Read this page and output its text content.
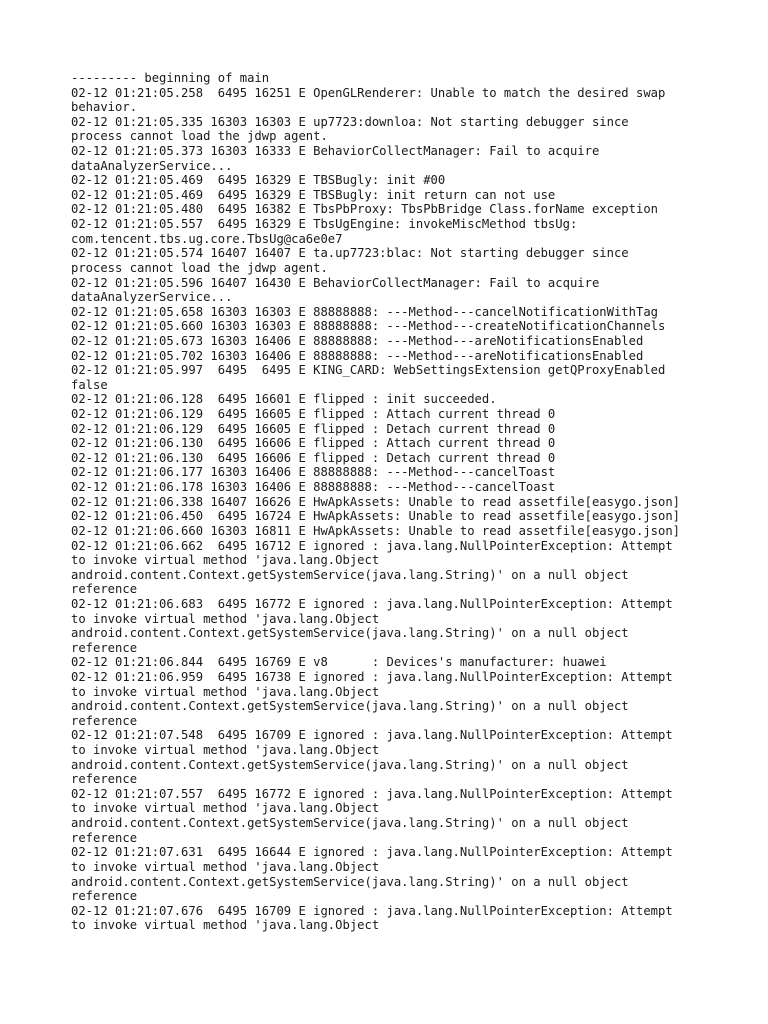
--------- beginning of main
02-12 01:21:05.258  6495 16251 E OpenGLRenderer: Unable to match the desired swap
behavior.
02-12 01:21:05.335 16303 16303 E up7723:downloa: Not starting debugger since
process cannot load the jdwp agent.
02-12 01:21:05.373 16303 16333 E BehaviorCollectManager: Fail to acquire
dataAnalyzerService...
02-12 01:21:05.469  6495 16329 E TBSBugly: init #00
02-12 01:21:05.469  6495 16329 E TBSBugly: init return can not use
02-12 01:21:05.480  6495 16382 E TbsPbProxy: TbsPbBridge Class.forName exception
02-12 01:21:05.557  6495 16329 E TbsUgEngine: invokeMiscMethod tbsUg:
com.tencent.tbs.ug.core.TbsUg@ca6e0e7
02-12 01:21:05.574 16407 16407 E ta.up7723:blac: Not starting debugger since
process cannot load the jdwp agent.
02-12 01:21:05.596 16407 16430 E BehaviorCollectManager: Fail to acquire
dataAnalyzerService...
02-12 01:21:05.658 16303 16303 E 88888888: ---Method---cancelNotificationWithTag
02-12 01:21:05.660 16303 16303 E 88888888: ---Method---createNotificationChannels
02-12 01:21:05.673 16303 16406 E 88888888: ---Method---areNotificationsEnabled
02-12 01:21:05.702 16303 16406 E 88888888: ---Method---areNotificationsEnabled
02-12 01:21:05.997  6495  6495 E KING_CARD: WebSettingsExtension getQProxyEnabled
false
02-12 01:21:06.128  6495 16601 E flipped : init succeeded.
02-12 01:21:06.129  6495 16605 E flipped : Attach current thread 0
02-12 01:21:06.129  6495 16605 E flipped : Detach current thread 0
02-12 01:21:06.130  6495 16606 E flipped : Attach current thread 0
02-12 01:21:06.130  6495 16606 E flipped : Detach current thread 0
02-12 01:21:06.177 16303 16406 E 88888888: ---Method---cancelToast
02-12 01:21:06.178 16303 16406 E 88888888: ---Method---cancelToast
02-12 01:21:06.338 16407 16626 E HwApkAssets: Unable to read assetfile[easygo.json]
02-12 01:21:06.450  6495 16724 E HwApkAssets: Unable to read assetfile[easygo.json]
02-12 01:21:06.660 16303 16811 E HwApkAssets: Unable to read assetfile[easygo.json]
02-12 01:21:06.662  6495 16712 E ignored : java.lang.NullPointerException: Attempt
to invoke virtual method 'java.lang.Object
android.content.Context.getSystemService(java.lang.String)' on a null object
reference
02-12 01:21:06.683  6495 16772 E ignored : java.lang.NullPointerException: Attempt
to invoke virtual method 'java.lang.Object
android.content.Context.getSystemService(java.lang.String)' on a null object
reference
02-12 01:21:06.844  6495 16769 E v8      : Devices's manufacturer: huawei
02-12 01:21:06.959  6495 16738 E ignored : java.lang.NullPointerException: Attempt
to invoke virtual method 'java.lang.Object
android.content.Context.getSystemService(java.lang.String)' on a null object
reference
02-12 01:21:07.548  6495 16709 E ignored : java.lang.NullPointerException: Attempt
to invoke virtual method 'java.lang.Object
android.content.Context.getSystemService(java.lang.String)' on a null object
reference
02-12 01:21:07.557  6495 16772 E ignored : java.lang.NullPointerException: Attempt
to invoke virtual method 'java.lang.Object
android.content.Context.getSystemService(java.lang.String)' on a null object
reference
02-12 01:21:07.631  6495 16644 E ignored : java.lang.NullPointerException: Attempt
to invoke virtual method 'java.lang.Object
android.content.Context.getSystemService(java.lang.String)' on a null object
reference
02-12 01:21:07.676  6495 16709 E ignored : java.lang.NullPointerException: Attempt
to invoke virtual method 'java.lang.Object
